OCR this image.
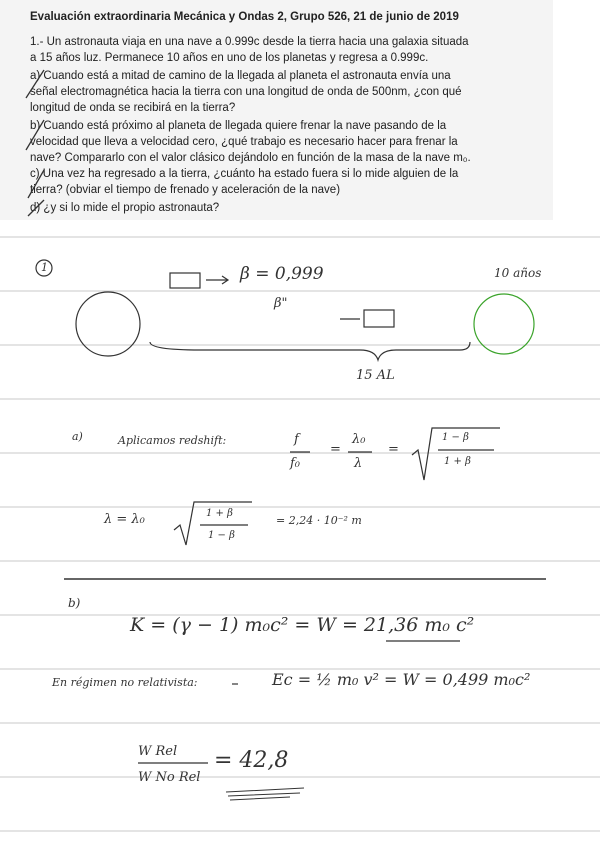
Evaluación extraordinaria Mecánica y Ondas 2, Grupo 526, 21 de junio de 2019
1.- Un astronauta viaja en una nave a 0.999c desde la tierra hacia una galaxia situada
a 15 años luz. Permanece 10 años en uno de los planetas y regresa a 0.999c.
a) Cuando está a mitad de camino de la llegada al planeta el astronauta envía una
señal electromagnética hacia la tierra con una longitud de onda de 500nm, ¿con qué
longitud de onda se recibirá en la tierra?
b) Cuando está próximo al planeta de llegada quiere frenar la nave pasando de la
velocidad que lleva a velocidad cero, ¿qué trabajo es necesario hacer para frenar la
nave? Compararlo con el valor clásico dejándolo en función de la masa de la nave m₀.
c) Una vez ha regresado a la tierra, ¿cuánto ha estado fuera si lo mide alguien de la
tierra? (obviar el tiempo de frenado y aceleración de la nave)
d) ¿y si lo mide el propio astronauta?
1	β = 0,999
β"
10 años
15 AL
a)	Aplicamos redshift:	f
f₀
=
λ₀
λ
=
1 − β
1 + β
λ = λ₀	1 + β
1 − β
= 2,24 · 10⁻² m
b)
K = (γ − 1) m₀c² = W = 21,36 m₀ c²
En régimen no relativista:	Ec = ½ m₀ v² = W = 0,499 m₀c²
W Rel
W No Rel
= 42,8
